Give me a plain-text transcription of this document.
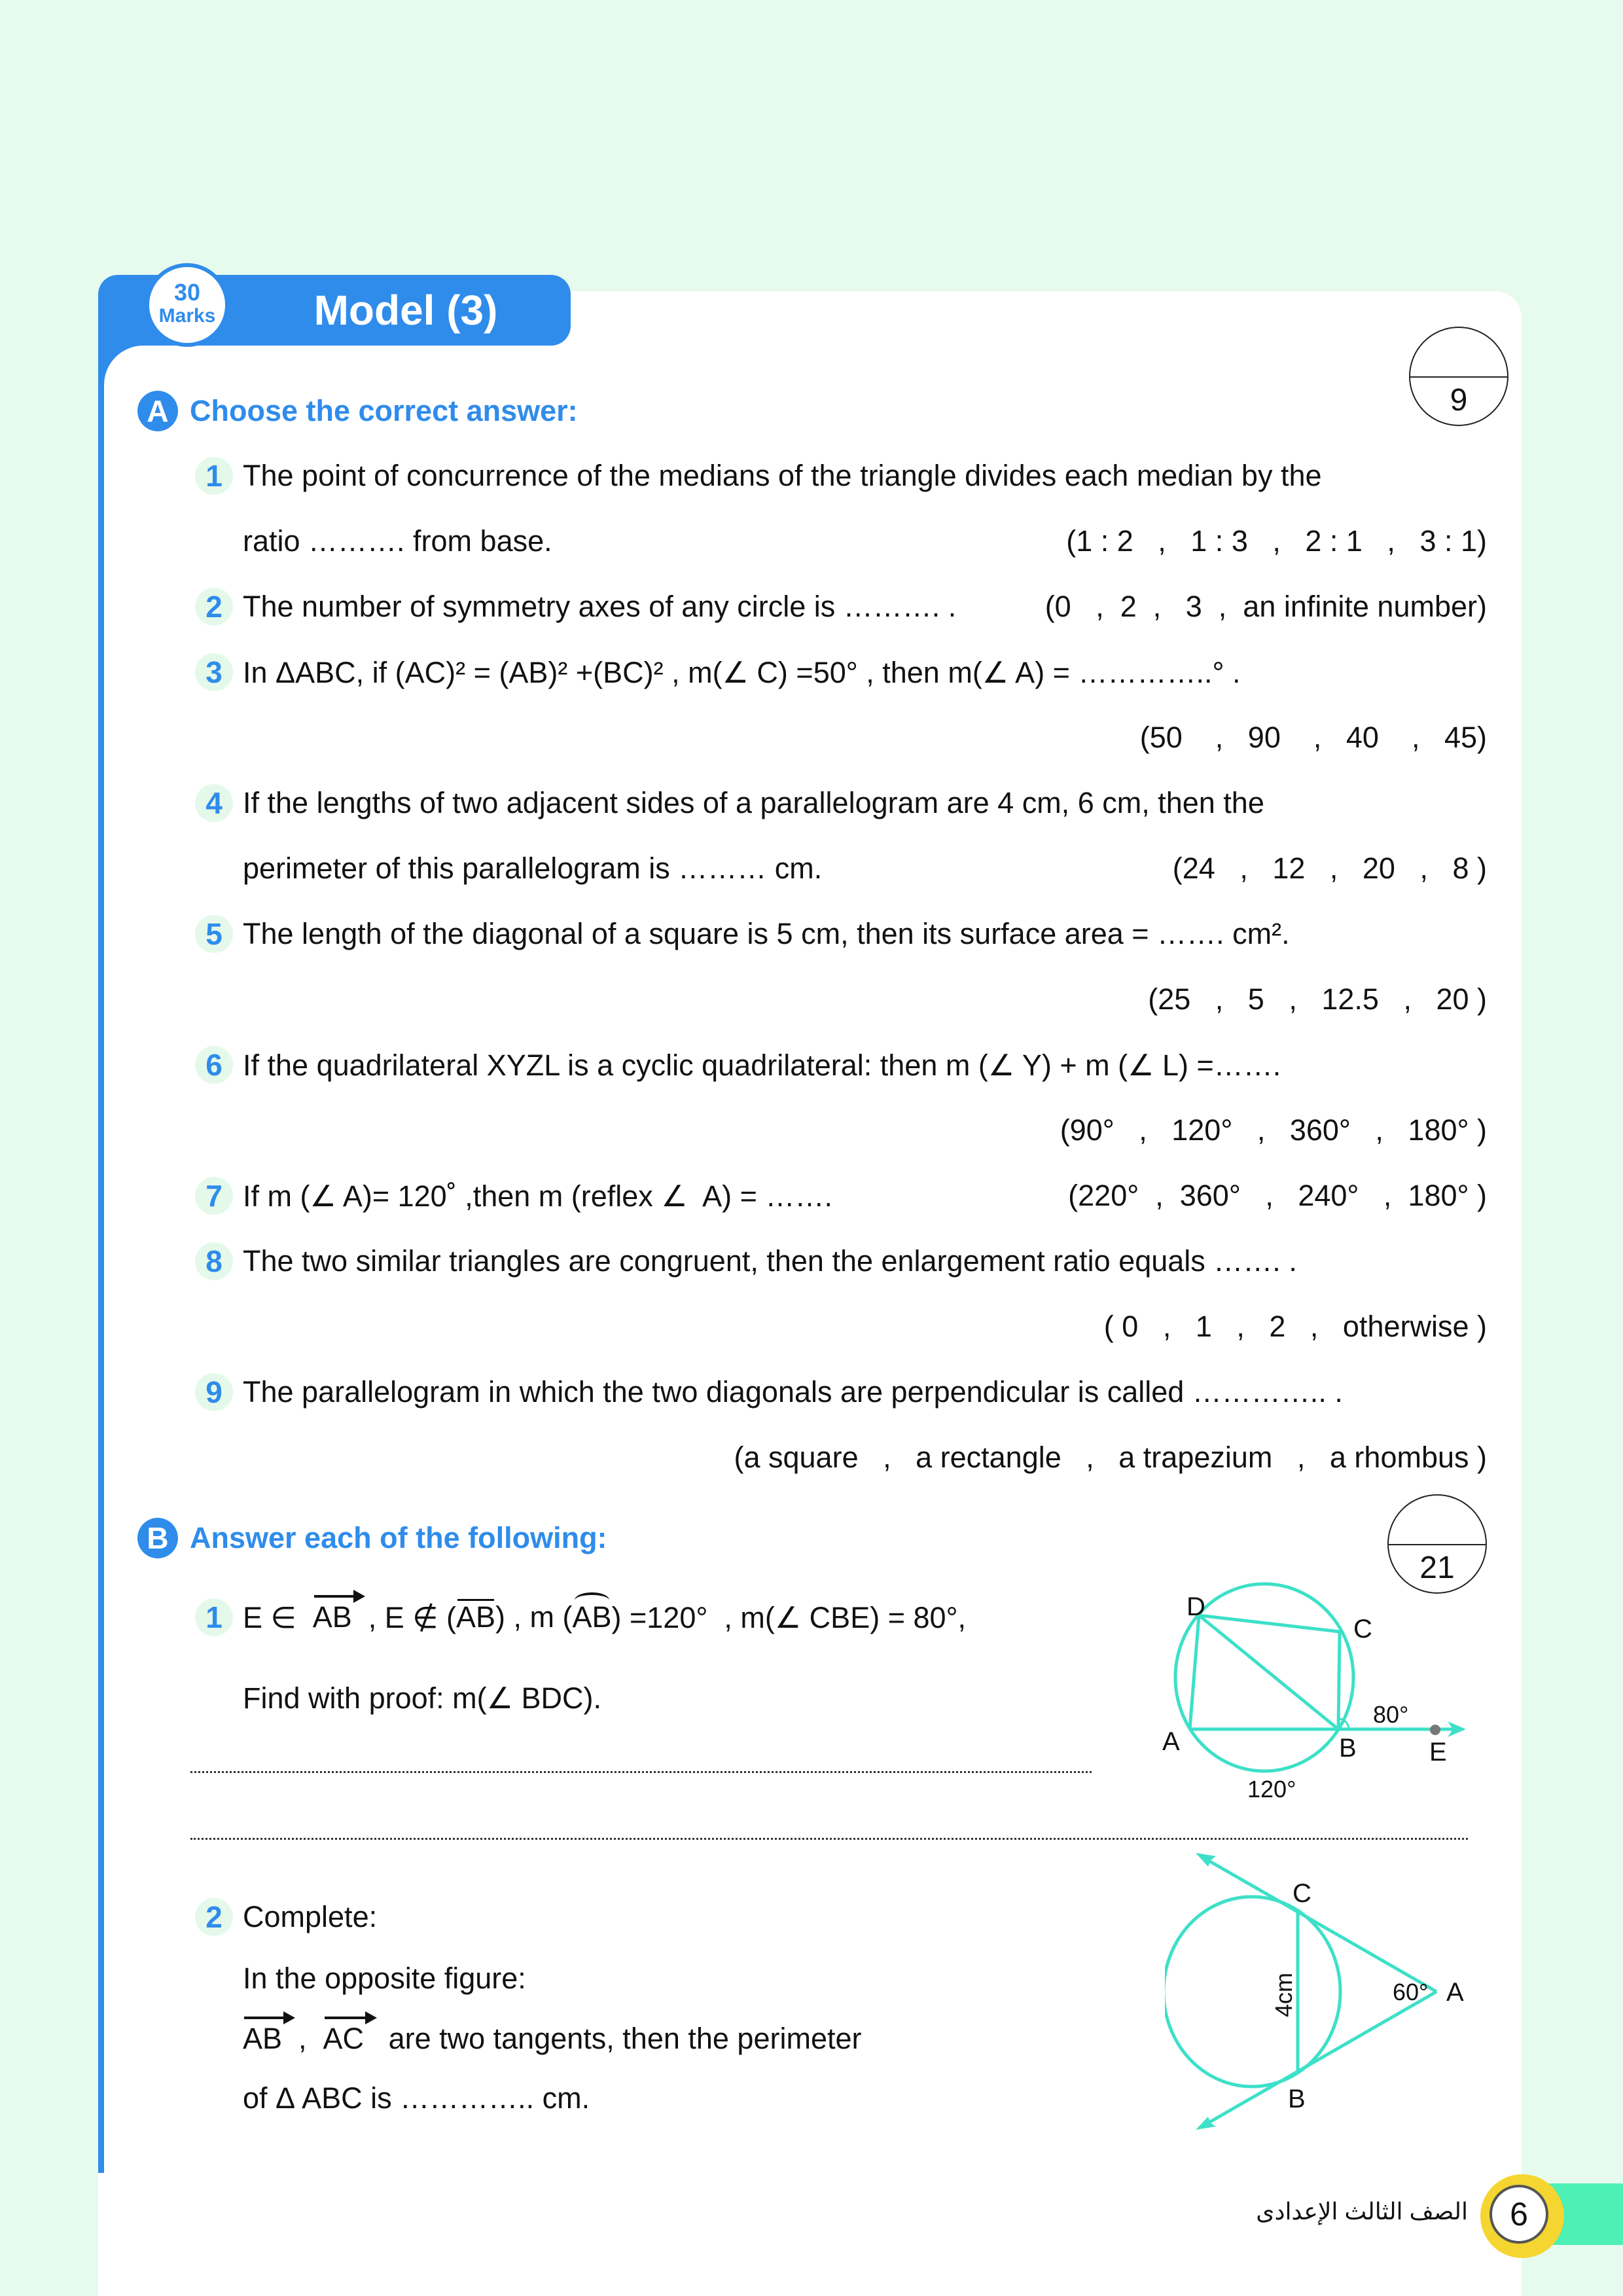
30
Marks	Model (3)
A Choose the correct answer:	9
1 The point of concurrence of the medians of the triangle divides each median by the
ratio ………. from base.	(1 : 2   ,   1 : 3   ,   2 : 1   ,   3 : 1)
2 The number of symmetry axes of any circle is ………. .	(0   ,  2  ,   3  ,  an infinite number)
3 In ΔABC, if (AC)² = (AB)² +(BC)² , m(∠ C) =50° , then m(∠ A) = …………..° .
(50    ,   90    ,   40    ,   45)
4 If the lengths of two adjacent sides of a parallelogram are 4 cm, 6 cm, then the
perimeter of this parallelogram is ……… cm.	(24   ,   12   ,   20   ,   8 )
5 The length of the diagonal of a square is 5 cm, then its surface area = ……. cm².
(25   ,   5   ,   12.5   ,   20 )
6 If the quadrilateral XYZL is a cyclic quadrilateral: then m (∠ Y) + m (∠ L) =…….
(90°   ,   120°   ,   360°   ,   180° )
7 If m (∠ A)= 120˚ ,then m (reflex ∠  A) = …….	(220°  ,  360°   ,   240°   ,  180° )
8 The two similar triangles are congruent, then the enlargement ratio equals ……. .
( 0   ,   1   ,   2   ,   otherwise )
9 The parallelogram in which the two diagonals are perpendicular is called ………….. .
(a square   ,   a rectangle   ,   a trapezium   ,   a rhombus )
B Answer each of the following:
21
1 E ∈ AB , E ∉ ( AB ) , m ( AB ) =120°  , m(∠ CBE) = 80°,
Find with proof: m(∠ BDC).
D
C
A	B	E
80°
120°
2 Complete:
In the opposite figure:
AB , AC are two tangents, then the perimeter
of Δ ABC is ………….. cm.
C
B
A
60°
4cm
6
الصف الثالث الإعدادى
